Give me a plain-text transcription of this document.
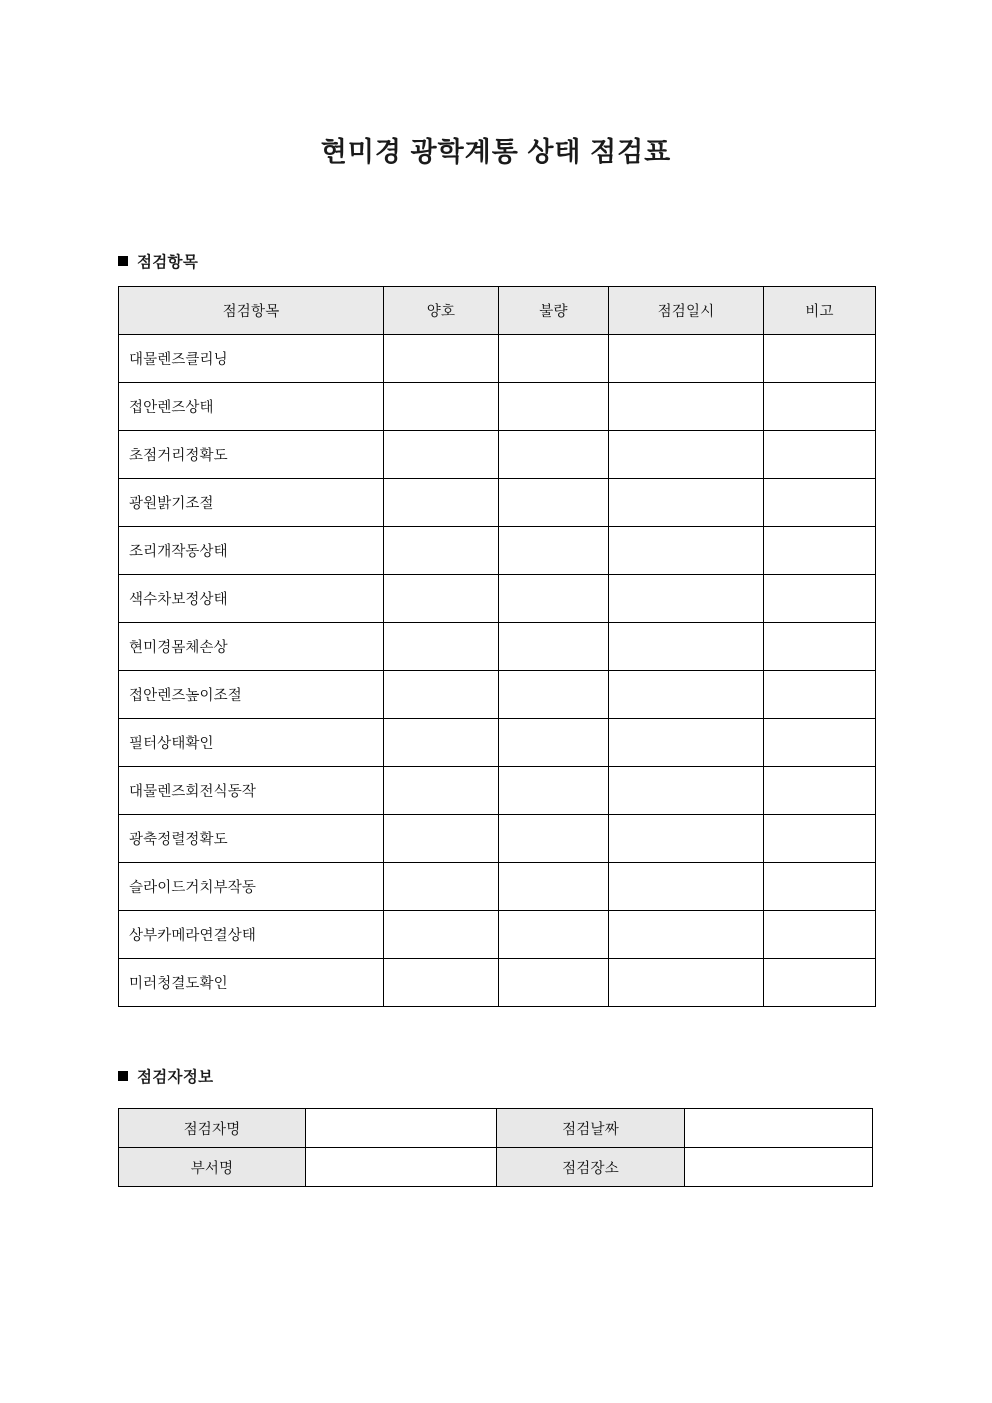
현미경 광학계통 상태 점검표
점검항목
점검항목	양호	불량	점검일시	비고
대물렌즈클리닝				
접안렌즈상태				
초점거리정확도				
광원밝기조절				
조리개작동상태				
색수차보정상태				
현미경몸체손상				
접안렌즈높이조절				
필터상태확인				
대물렌즈회전식동작				
광축정렬정확도				
슬라이드거치부작동				
상부카메라연결상태				
미러청결도확인				
점검자정보
점검자명		점검날짜	
부서명		점검장소	
